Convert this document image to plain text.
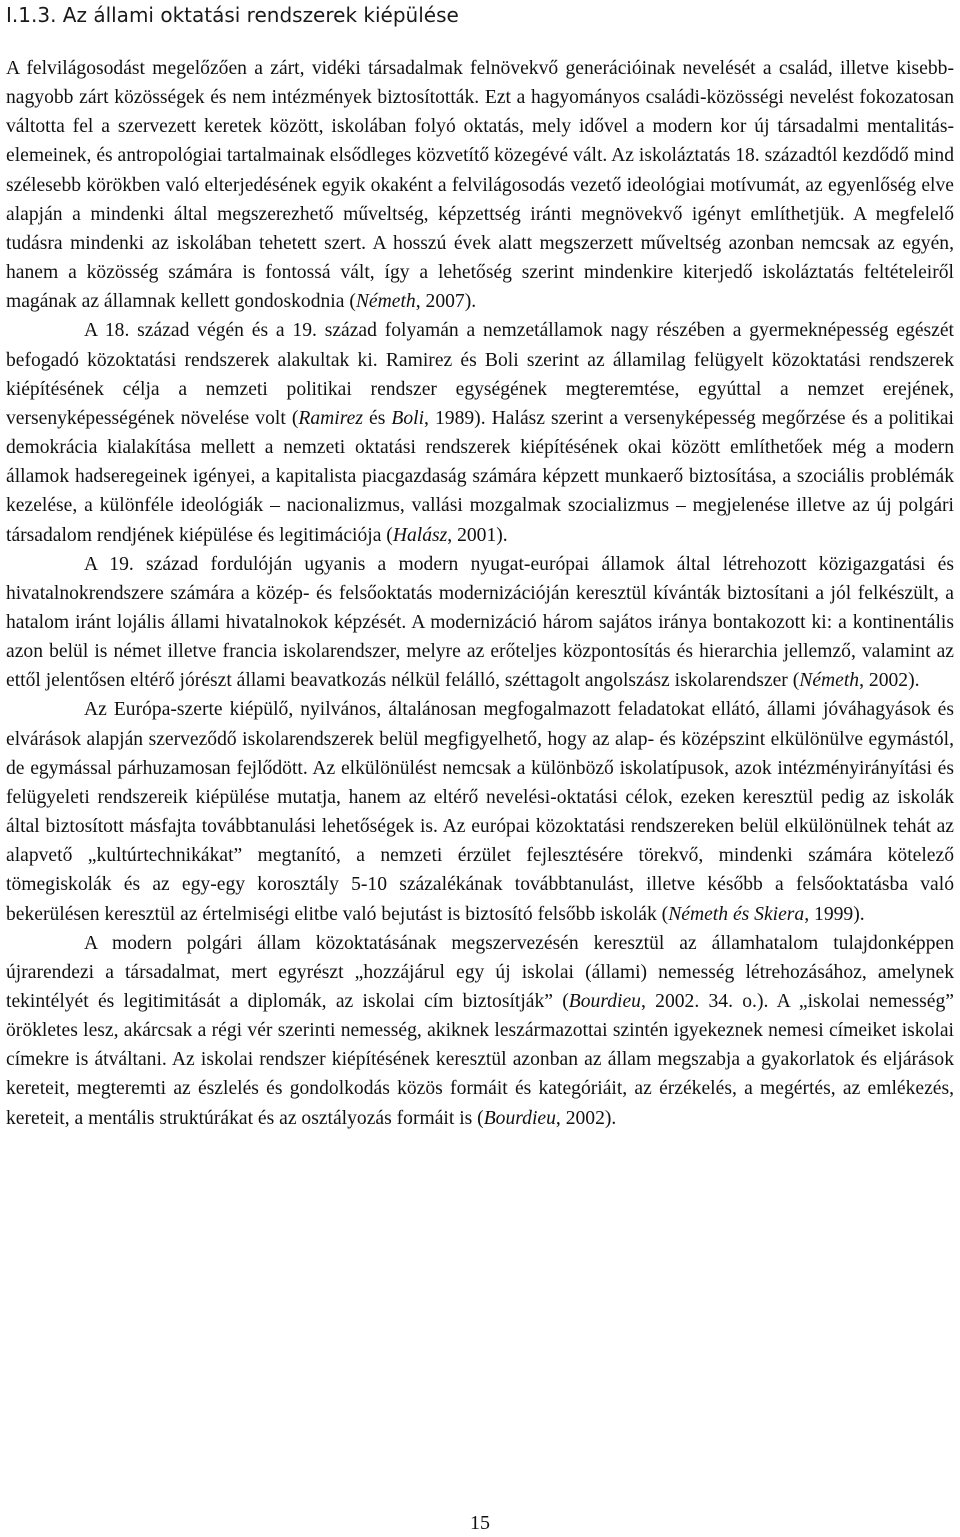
I.1.3. Az állami oktatási rendszerek kiépülése

A felvilágosodást megelőzően a zárt, vidéki társadalmak felnövekvő generációinak nevelését a család, illetve kisebb-nagyobb zárt közösségek és nem intézmények biztosították. Ezt a hagyományos családi-közösségi nevelést fokozatosan váltotta fel a szervezett keretek között, iskolában folyó oktatás, mely idővel a modern kor új társadalmi mentalitás-elemeinek, és antropológiai tartalmainak elsődleges közvetítő közegévé vált. Az iskoláztatás 18. századtól kezdődő mind szélesebb körökben való elterjedésének egyik okaként a felvilágosodás vezető ideológiai motívumát, az egyenlőség elve alapján a mindenki által megszerezhető műveltség, képzettség iránti megnövekvő igényt említhetjük. A megfelelő tudásra mindenki az iskolában tehetett szert. A hosszú évek alatt megszerzett műveltség azonban nemcsak az egyén, hanem a közösség számára is fontossá vált, így a lehetőség szerint mindenkire kiterjedő iskoláztatás feltételeiről magának az államnak kellett gondoskodnia (Németh, 2007).

A 18. század végén és a 19. század folyamán a nemzetállamok nagy részében a gyermeknépesség egészét befogadó közoktatási rendszerek alakultak ki. Ramirez és Boli szerint az államilag felügyelt közoktatási rendszerek kiépítésének célja a nemzeti politikai rendszer egységének megteremtése, egyúttal a nemzet erejének, versenyképességének növelése volt (Ramirez és Boli, 1989). Halász szerint a versenyképesség megőrzése és a politikai demokrácia kialakítása mellett a nemzeti oktatási rendszerek kiépítésének okai között említhetőek még a modern államok hadseregeinek igényei, a kapitalista piacgazdaság számára képzett munkaerő biztosítása, a szociális problémák kezelése, a különféle ideológiák – nacionalizmus, vallási mozgalmak szocializmus – megjelenése illetve az új polgári társadalom rendjének kiépülése és legitimációja (Halász, 2001).

A 19. század fordulóján ugyanis a modern nyugat-európai államok által létrehozott közigazgatási és hivatalnokrendszere számára a közép- és felsőoktatás modernizációján keresztül kívánták biztosítani a jól felkészült, a hatalom iránt lojális állami hivatalnokok képzését. A modernizáció három sajátos iránya bontakozott ki: a kontinentális azon belül is német illetve francia iskolarendszer, melyre az erőteljes központosítás és hierarchia jellemző, valamint az ettől jelentősen eltérő jórészt állami beavatkozás nélkül felálló, széttagolt angolszász iskolarendszer (Németh, 2002).

Az Európa-szerte kiépülő, nyilvános, általánosan megfogalmazott feladatokat ellátó, állami jóváhagyások és elvárások alapján szerveződő iskolarendszerek belül megfigyelhető, hogy az alap- és középszint elkülönülve egymástól, de egymással párhuzamosan fejlődött. Az elkülönülést nemcsak a különböző iskolatípusok, azok intézményirányítási és felügyeleti rendszereik kiépülése mutatja, hanem az eltérő nevelési-oktatási célok, ezeken keresztül pedig az iskolák által biztosított másfajta továbbtanulási lehetőségek is. Az európai közoktatási rendszereken belül elkülönülnek tehát az alapvető „kultúrtechnikákat” megtanító, a nemzeti érzület fejlesztésére törekvő, mindenki számára kötelező tömegiskolák és az egy-egy korosztály 5-10 százalékának továbbtanulást, illetve később a felsőoktatásba való bekerülésen keresztül az értelmiségi elitbe való bejutást is biztosító felsőbb iskolák (Németh és Skiera, 1999).

A modern polgári állam közoktatásának megszervezésén keresztül az államhatalom tulajdonképpen újrarendezi a társadalmat, mert egyrészt „hozzájárul egy új iskolai (állami) nemesség létrehozásához, amelynek tekintélyét és legitimitását a diplomák, az iskolai cím biztosítják” (Bourdieu, 2002. 34. o.). A „iskolai nemesség” örökletes lesz, akárcsak a régi vér szerinti nemesség, akiknek leszármazottai szintén igyekeznek nemesi címeiket iskolai címekre is átváltani. Az iskolai rendszer kiépítésének keresztül azonban az állam megszabja a gyakorlatok és eljárások kereteit, megteremti az észlelés és gondolkodás közös formáit és kategóriáit, az érzékelés, a megértés, az emlékezés, kereteit, a mentális struktúrákat és az osztályozás formáit is (Bourdieu, 2002).

15
